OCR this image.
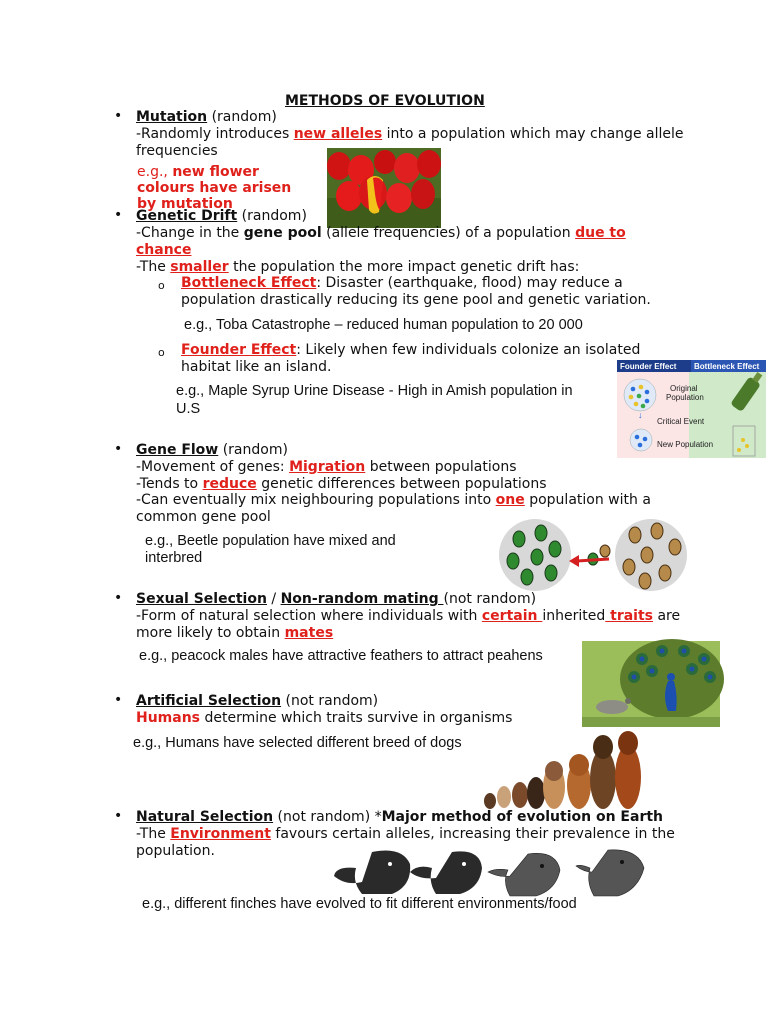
METHODS OF EVOLUTION
• Mutation (random)
-Randomly introduces new alleles into a population which may change allele
frequencies
e.g., new flower
colours have arisen
by mutation
• Genetic Drift (random)
-Change in the gene pool (allele frequencies) of a population due to
chance
-The smaller the population the more impact genetic drift has:
o Bottleneck Effect: Disaster (earthquake, flood) may reduce a
population drastically reducing its gene pool and genetic variation.
e.g., Toba Catastrophe – reduced human population to 20 000
o Founder Effect: Likely when few individuals colonize an isolated
habitat like an island.
e.g., Maple Syrup Urine Disease - High in Amish population in
U.S
Founder Effect Bottleneck Effect
Original
Population
↓
Critical Event
New Population
• Gene Flow (random)
-Movement of genes: Migration between populations
-Tends to reduce genetic differences between populations
-Can eventually mix neighbouring populations into one population with a
common gene pool
e.g., Beetle population have mixed and
interbred
• Sexual Selection / Non-random mating (not random)
-Form of natural selection where individuals with certain inherited traits are
more likely to obtain mates
e.g., peacock males have attractive feathers to attract peahens
• Artificial Selection (not random)
Humans determine which traits survive in organisms
e.g., Humans have selected different breed of dogs
• Natural Selection (not random) *Major method of evolution on Earth
-The Environment favours certain alleles, increasing their prevalence in the
population.
e.g., different finches have evolved to fit different environments/food
